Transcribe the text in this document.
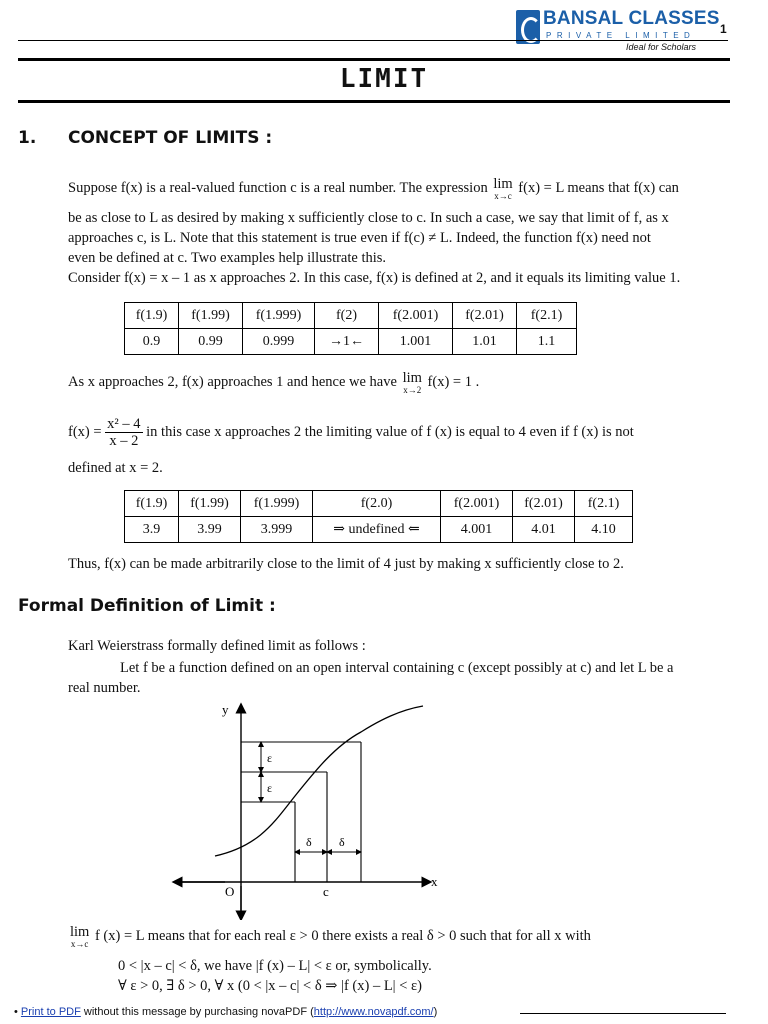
BANSAL CLASSES
PRIVATE LIMITED
Ideal for Scholars
1
LIMIT
1. CONCEPT OF LIMITS :
Suppose f(x) is a real-valued function c is a real number. The expression lim
x→c f(x) = L means that f(x) can
be as close to L as desired by making x sufficiently close to c. In such a case, we say that limit of f, as x
approaches c, is L. Note that this statement is true even if f(c) ≠ L. Indeed, the function f(x) need not
even be defined at c. Two examples help illustrate this.
Consider f(x) = x – 1 as x approaches 2. In this case, f(x) is defined at 2, and it equals its limiting value 1.
f(1.9)	f(1.99)	f(1.999)	f(2)	f(2.001)	f(2.01)	f(2.1)
0.9	0.99	0.999	→1←	1.001	1.01	1.1
As x approaches 2, f(x) approaches 1 and hence we have lim
x→2 f(x) = 1 .
$f(x) = \frac{\text{x² – 4}}{x - 2}$ in this case x approaches 2 the limiting value of f (x) is equal to 4 even if f (x) is not
defined at x = 2.
f(1.9)	f(1.99)	f(1.999)	f(2.0)	f(2.001)	f(2.01)	f(2.1)
3.9	3.99	3.999	⇒ undefined ⇐	4.001	4.01	4.10
Thus, f(x) can be made arbitrarily close to the limit of 4 just by making x sufficiently close to 2.
Formal Definition of Limit :
Karl Weierstrass formally defined limit as follows :
Let f be a function defined on an open interval containing c (except possibly at c) and let L be a
real number.
y
x
O	c
ε
ε
δ δ
lim
x→c f (x) = L means that for each real ε > 0 there exists a real δ > 0 such that for all x with
0 < |x – c| < δ, we have |f (x) – L| < ε or, symbolically.
∀ ε > 0, ∃ δ > 0, ∀ x (0 < |x – c| < δ ⇒ |f (x) – L| < ε)
• Print to PDF without this message by purchasing novaPDF (http://www.novapdf.com/)
